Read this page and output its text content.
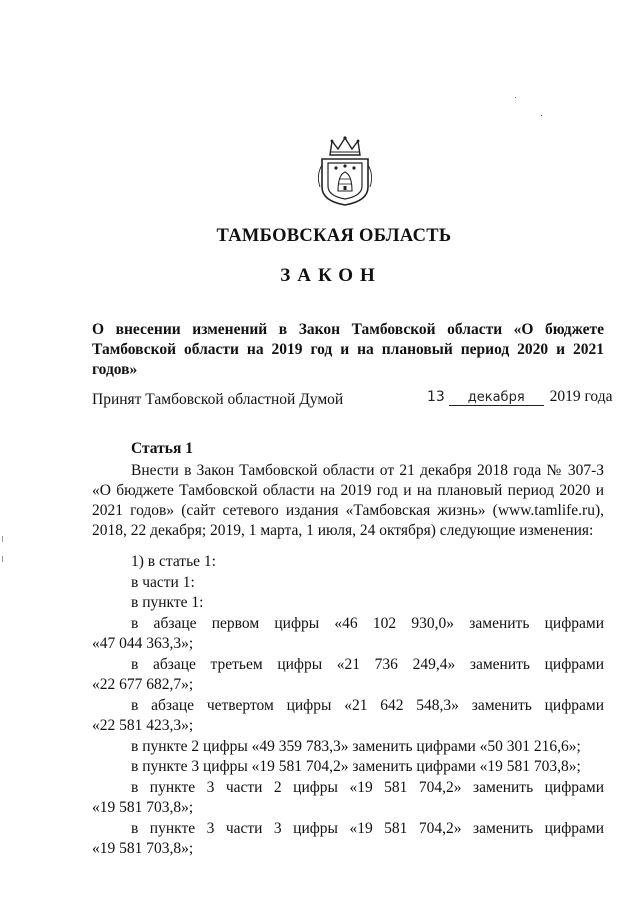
ТАМБОВСКАЯ ОБЛАСТЬ
ЗАКОН
О внесении изменений в Закон Тамбовской области «О бюджете Тамбовской области на 2019 год и на плановый период 2020 и 2021 годов»
Принят Тамбовской областной Думой	13 декабря 2019 года
Статья 1
Внести в Закон Тамбовской области от 21 декабря 2018 года № 307-З «О бюджете Тамбовской области на 2019 год и на плановый период 2020 и 2021 годов» (сайт сетевого издания «Тамбовская жизнь» (www.tamlife.ru), 2018, 22 декабря; 2019, 1 марта, 1 июля, 24 октября) следующие изменения:
1) в статье 1:
в части 1:
в пункте 1:
в абзаце первом цифры «46 102 930,0» заменить цифрами
«47 044 363,3»;
в абзаце третьем цифры «21 736 249,4» заменить цифрами
«22 677 682,7»;
в абзаце четвертом цифры «21 642 548,3» заменить цифрами
«22 581 423,3»;
в пункте 2 цифры «49 359 783,3» заменить цифрами «50 301 216,6»;
в пункте 3 цифры «19 581 704,2» заменить цифрами «19 581 703,8»;
в пункте 3 части 2 цифры «19 581 704,2» заменить цифрами
«19 581 703,8»;
в пункте 3 части 3 цифры «19 581 704,2» заменить цифрами
«19 581 703,8»;
